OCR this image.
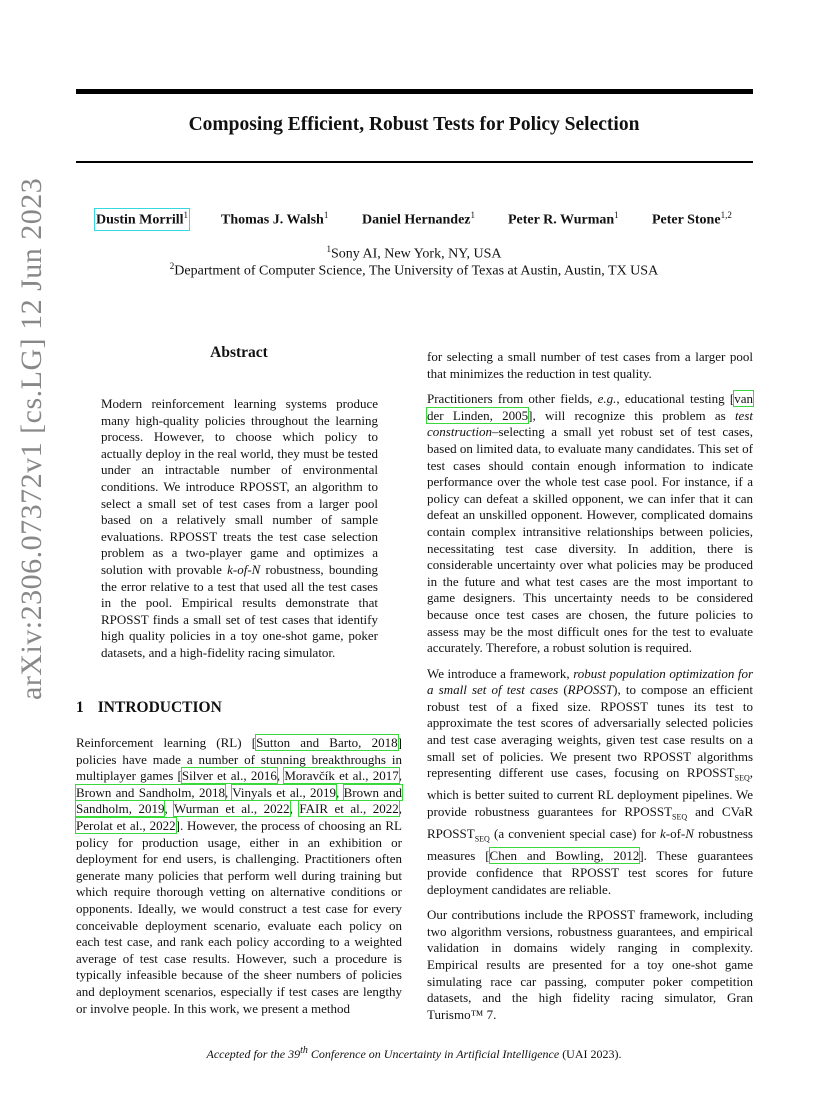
Composing Efficient, Robust Tests for Policy Selection
Dustin Morrill$^1$ Thomas J. Walsh$^1$ Daniel Hernandez$^1$ Peter R. Wurman$^1$ Peter Stone$^{1,2}$
$^1$Sony AI, New York, NY, USA
$^2$Department of Computer Science, The University of Texas at Austin, Austin, TX USA
arXiv:2306.07372v1 [cs.LG] 12 Jun 2023	Abstract
Modern reinforcement learning systems produce many high-quality policies throughout the learning process. However, to choose which policy to actually deploy in the real world, they must be tested under an intractable number of environmental conditions. We introduce RPOSST, an algorithm to select a small set of test cases from a larger pool based on a relatively small number of sample evaluations. RPOSST treats the test case selection problem as a two-player game and optimizes a solution with provable k-of-N robustness, bounding the error relative to a test that used all the test cases in the pool. Empirical results demonstrate that RPOSST finds a small set of test cases that identify high quality policies in a toy one-shot game, poker datasets, and a high-fidelity racing simulator.
1 INTRODUCTION
Reinforcement learning (RL) [Sutton and Barto, 2018] policies have made a number of stunning breakthroughs in multiplayer games [Silver et al., 2016, Moravčík et al., 2017, Brown and Sandholm, 2018, Vinyals et al., 2019, Brown and Sandholm, 2019, Wurman et al., 2022, FAIR et al., 2022, Perolat et al., 2022]. However, the process of choosing an RL policy for production usage, either in an exhibition or deployment for end users, is challenging. Practitioners often generate many policies that perform well during training but which require thorough vetting on alternative conditions or opponents. Ideally, we would construct a test case for every conceivable deployment scenario, evaluate each policy on each test case, and rank each policy according to a weighted average of test case results. However, such a procedure is typically infeasible because of the sheer numbers of policies and deployment scenarios, especially if test cases are lengthy or involve people. In this work, we present a method

for selecting a small number of test cases from a larger pool that minimizes the reduction in test quality.

Practitioners from other fields, e.g., educational testing [van der Linden, 2005], will recognize this problem as test construction–selecting a small yet robust set of test cases, based on limited data, to evaluate many candidates. This set of test cases should contain enough information to indicate performance over the whole test case pool. For instance, if a policy can defeat a skilled opponent, we can infer that it can defeat an unskilled opponent. However, complicated domains contain complex intransitive relationships between policies, necessitating test case diversity. In addition, there is considerable uncertainty over what policies may be produced in the future and what test cases are the most important to game designers. This uncertainty needs to be considered because once test cases are chosen, the future policies to assess may be the most difficult ones for the test to evaluate accurately. Therefore, a robust solution is required.

We introduce a framework, robust population optimization for a small set of test cases (RPOSST), to compose an efficient robust test of a fixed size. RPOSST tunes its test to approximate the test scores of adversarially selected policies and test case averaging weights, given test case results on a small set of policies. We present two RPOSST algorithms representing different use cases, focusing on $RPOSST_{SEQ}$, which is better suited to current RL deployment pipelines. We provide robustness guarantees for $RPOSST_{SEQ}$ and CVaR $RPOSST_{SEQ}$ (a convenient special case) for k-of-N robustness measures [Chen and Bowling, 2012]. These guarantees provide confidence that RPOSST test scores for future deployment candidates are reliable.

Our contributions include the RPOSST framework, including two algorithm versions, robustness guarantees, and empirical validation in domains widely ranging in complexity. Empirical results are presented for a toy one-shot game simulating race car passing, computer poker competition datasets, and the high fidelity racing simulator, Gran Turismo™ 7.

Accepted for the 39th Conference on Uncertainty in Artificial Intelligence (UAI 2023).
